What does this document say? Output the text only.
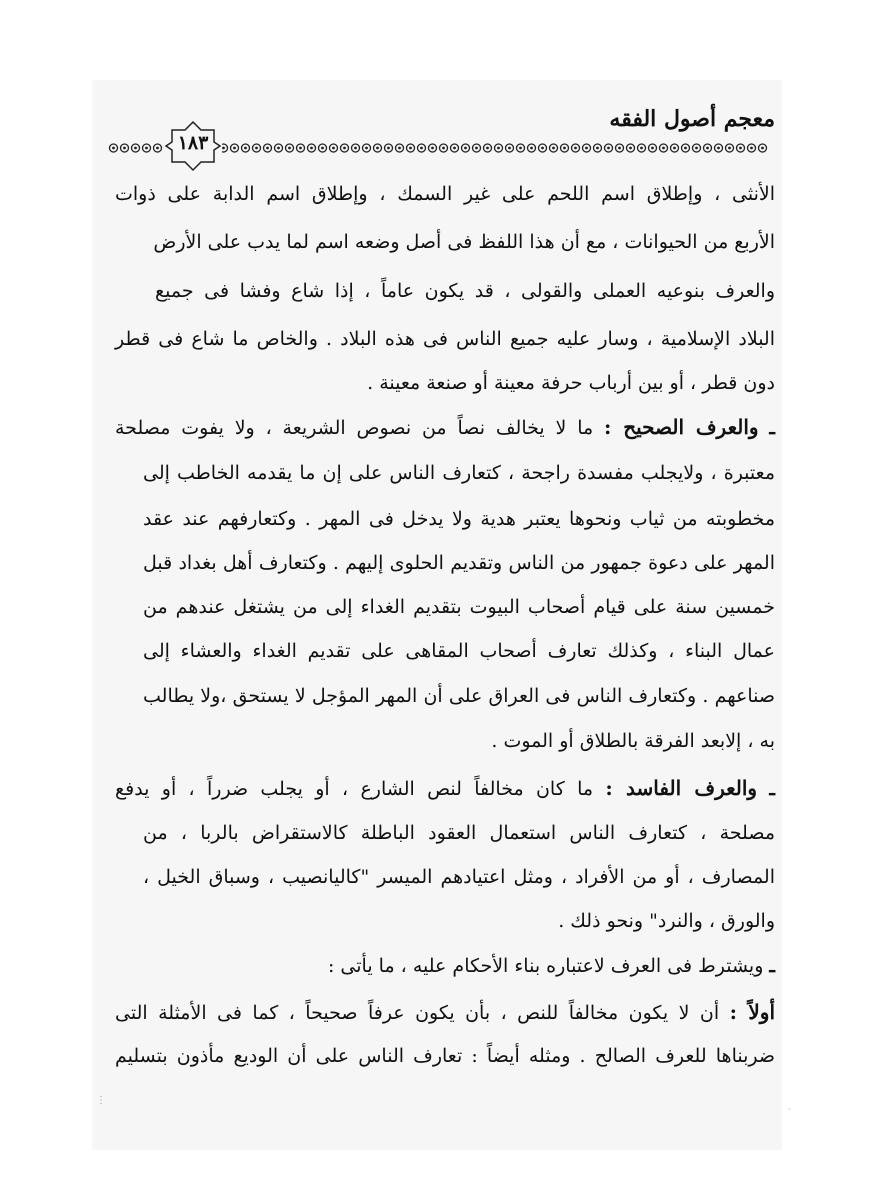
معجم أصول الفقه
١٨٣
الأنثى ، وإطلاق اسم اللحم على غير السمك ، وإطلاق اسم الدابة على ذوات
الأربع من الحيوانات ، مع أن هذا اللفظ فى أصل وضعه اسم لما يدب على الأرض
والعرف بنوعيه العملى والقولى ، قد يكون عاماً ، إذا شاع وفشا فى جميع
البلاد الإسلامية ، وسار عليه جميع الناس فى هذه البلاد . والخاص ما شاع فى قطر
دون قطر ، أو بين أرباب حرفة معينة أو صنعة معينة .
ـ والعرف الصحيح : ما لا يخالف نصاً من نصوص الشريعة ، ولا يفوت مصلحة
معتبرة ، ولايجلب مفسدة راجحة ، كتعارف الناس على إن ما يقدمه الخاطب إلى
مخطوبته من ثياب ونحوها يعتبر هدية ولا يدخل فى المهر . وكتعارفهم عند عقد
المهر على دعوة جمهور من الناس وتقديم الحلوى إليهم . وكتعارف أهل بغداد قبل
خمسين سنة على قيام أصحاب البيوت بتقديم الغداء إلى من يشتغل عندهم من
عمال البناء ، وكذلك تعارف أصحاب المقاهى على تقديم الغداء والعشاء إلى
صناعهم . وكتعارف الناس فى العراق على أن المهر المؤجل لا يستحق ،ولا يطالب
به ، إلابعد الفرقة بالطلاق أو الموت .
ـ والعرف الفاسد : ما كان مخالفاً لنص الشارع ، أو يجلب ضرراً ، أو يدفع
مصلحة ، كتعارف الناس استعمال العقود الباطلة كالاستقراض بالربا ، من
المصارف ، أو من الأفراد ، ومثل اعتيادهم الميسر "كاليانصيب ، وسباق الخيل ،
والورق ، والنرد" ونحو ذلك .
ـ ويشترط فى العرف لاعتباره بناء الأحكام عليه ، ما يأتى :
أولاً : أن لا يكون مخالفاً للنص ، بأن يكون عرفاً صحيحاً ، كما فى الأمثلة التى
ضربناها للعرف الصالح . ومثله أيضاً : تعارف الناس على أن الوديع مأذون بتسليم
⋮
·
